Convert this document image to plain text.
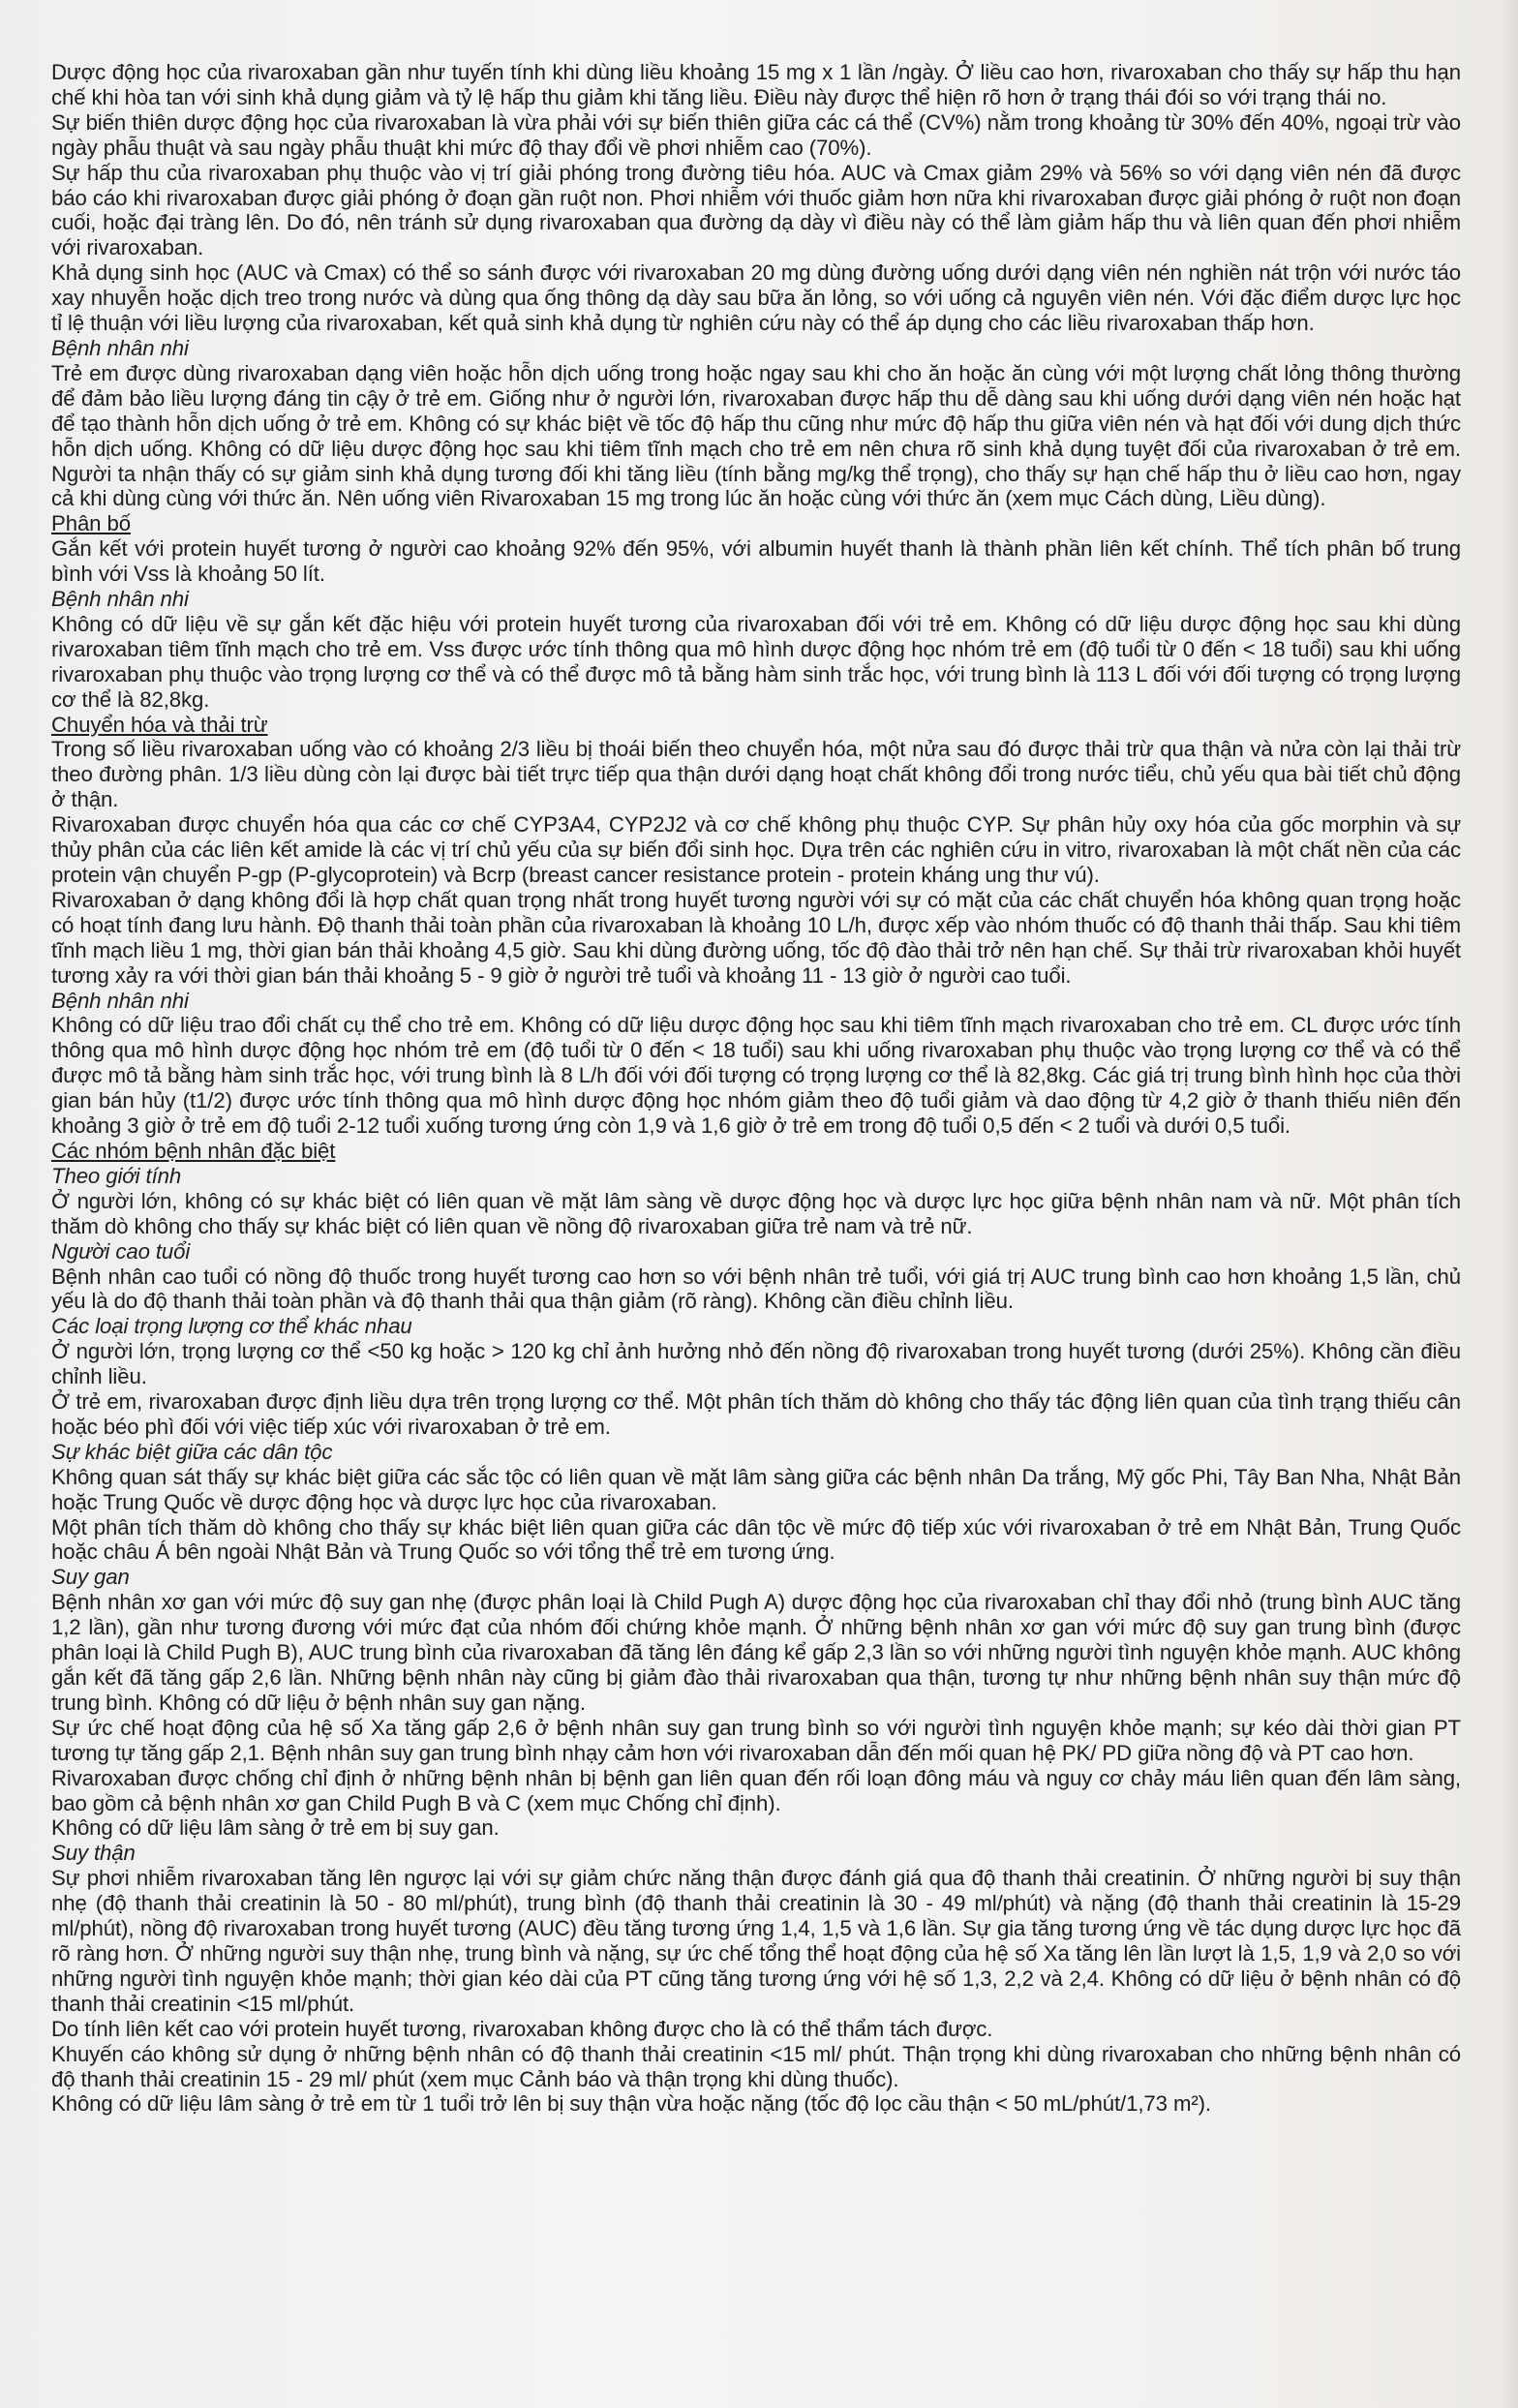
Dược động học của rivaroxaban gần như tuyến tính khi dùng liều khoảng 15 mg x 1 lần /ngày. Ở liều cao hơn, rivaroxaban cho thấy sự hấp thu hạn chế khi hòa tan với sinh khả dụng giảm và tỷ lệ hấp thu giảm khi tăng liều. Điều này được thể hiện rõ hơn ở trạng thái đói so với trạng thái no.

Sự biến thiên dược động học của rivaroxaban là vừa phải với sự biến thiên giữa các cá thể (CV%) nằm trong khoảng từ 30% đến 40%, ngoại trừ vào ngày phẫu thuật và sau ngày phẫu thuật khi mức độ thay đổi về phơi nhiễm cao (70%).

Sự hấp thu của rivaroxaban phụ thuộc vào vị trí giải phóng trong đường tiêu hóa. AUC và Cmax giảm 29% và 56% so với dạng viên nén đã được báo cáo khi rivaroxaban được giải phóng ở đoạn gần ruột non. Phơi nhiễm với thuốc giảm hơn nữa khi rivaroxaban được giải phóng ở ruột non đoạn cuối, hoặc đại tràng lên. Do đó, nên tránh sử dụng rivaroxaban qua đường dạ dày vì điều này có thể làm giảm hấp thu và liên quan đến phơi nhiễm với rivaroxaban.

Khả dụng sinh học (AUC và Cmax) có thể so sánh được với rivaroxaban 20 mg dùng đường uống dưới dạng viên nén nghiền nát trộn với nước táo xay nhuyễn hoặc dịch treo trong nước và dùng qua ống thông dạ dày sau bữa ăn lỏng, so với uống cả nguyên viên nén. Với đặc điểm dược lực học tỉ lệ thuận với liều lượng của rivaroxaban, kết quả sinh khả dụng từ nghiên cứu này có thể áp dụng cho các liều rivaroxaban thấp hơn.

Bệnh nhân nhi

Trẻ em được dùng rivaroxaban dạng viên hoặc hỗn dịch uống trong hoặc ngay sau khi cho ăn hoặc ăn cùng với một lượng chất lỏng thông thường để đảm bảo liều lượng đáng tin cậy ở trẻ em. Giống như ở người lớn, rivaroxaban được hấp thu dễ dàng sau khi uống dưới dạng viên nén hoặc hạt để tạo thành hỗn dịch uống ở trẻ em. Không có sự khác biệt về tốc độ hấp thu cũng như mức độ hấp thu giữa viên nén và hạt đối với dung dịch thức hỗn dịch uống. Không có dữ liệu dược động học sau khi tiêm tĩnh mạch cho trẻ em nên chưa rõ sinh khả dụng tuyệt đối của rivaroxaban ở trẻ em. Người ta nhận thấy có sự giảm sinh khả dụng tương đối khi tăng liều (tính bằng mg/kg thể trọng), cho thấy sự hạn chế hấp thu ở liều cao hơn, ngay cả khi dùng cùng với thức ăn. Nên uống viên Rivaroxaban 15 mg trong lúc ăn hoặc cùng với thức ăn (xem mục Cách dùng, Liều dùng).

Phân bố

Gắn kết với protein huyết tương ở người cao khoảng 92% đến 95%, với albumin huyết thanh là thành phần liên kết chính. Thể tích phân bố trung bình với Vss là khoảng 50 lít.

Bệnh nhân nhi

Không có dữ liệu về sự gắn kết đặc hiệu với protein huyết tương của rivaroxaban đối với trẻ em. Không có dữ liệu dược động học sau khi dùng rivaroxaban tiêm tĩnh mạch cho trẻ em. Vss được ước tính thông qua mô hình dược động học nhóm trẻ em (độ tuổi từ 0 đến < 18 tuổi) sau khi uống rivaroxaban phụ thuộc vào trọng lượng cơ thể và có thể được mô tả bằng hàm sinh trắc học, với trung bình là 113 L đối với đối tượng có trọng lượng cơ thể là 82,8kg.

Chuyển hóa và thải trừ

Trong số liều rivaroxaban uống vào có khoảng 2/3 liều bị thoái biến theo chuyển hóa, một nửa sau đó được thải trừ qua thận và nửa còn lại thải trừ theo đường phân. 1/3 liều dùng còn lại được bài tiết trực tiếp qua thận dưới dạng hoạt chất không đổi trong nước tiểu, chủ yếu qua bài tiết chủ động ở thận.

Rivaroxaban được chuyển hóa qua các cơ chế CYP3A4, CYP2J2 và cơ chế không phụ thuộc CYP. Sự phân hủy oxy hóa của gốc morphin và sự thủy phân của các liên kết amide là các vị trí chủ yếu của sự biến đổi sinh học. Dựa trên các nghiên cứu in vitro, rivaroxaban là một chất nền của các protein vận chuyển P-gp (P-glycoprotein) và Bcrp (breast cancer resistance protein - protein kháng ung thư vú).

Rivaroxaban ở dạng không đổi là hợp chất quan trọng nhất trong huyết tương người với sự có mặt của các chất chuyển hóa không quan trọng hoặc có hoạt tính đang lưu hành. Độ thanh thải toàn phần của rivaroxaban là khoảng 10 L/h, được xếp vào nhóm thuốc có độ thanh thải thấp. Sau khi tiêm tĩnh mạch liều 1 mg, thời gian bán thải khoảng 4,5 giờ. Sau khi dùng đường uống, tốc độ đào thải trở nên hạn chế. Sự thải trừ rivaroxaban khỏi huyết tương xảy ra với thời gian bán thải khoảng 5 - 9 giờ ở người trẻ tuổi và khoảng 11 - 13 giờ ở người cao tuổi.

Bệnh nhân nhi

Không có dữ liệu trao đổi chất cụ thể cho trẻ em. Không có dữ liệu dược động học sau khi tiêm tĩnh mạch rivaroxaban cho trẻ em. CL được ước tính thông qua mô hình dược động học nhóm trẻ em (độ tuổi từ 0 đến < 18 tuổi) sau khi uống rivaroxaban phụ thuộc vào trọng lượng cơ thể và có thể được mô tả bằng hàm sinh trắc học, với trung bình là 8 L/h đối với đối tượng có trọng lượng cơ thể là 82,8kg. Các giá trị trung bình hình học của thời gian bán hủy (t1/2) được ước tính thông qua mô hình dược động học nhóm giảm theo độ tuổi giảm và dao động từ 4,2 giờ ở thanh thiếu niên đến khoảng 3 giờ ở trẻ em độ tuổi 2-12 tuổi xuống tương ứng còn 1,9 và 1,6 giờ ở trẻ em trong độ tuổi 0,5 đến < 2 tuổi và dưới 0,5 tuổi.

Các nhóm bệnh nhân đặc biệt

Theo giới tính

Ở người lớn, không có sự khác biệt có liên quan về mặt lâm sàng về dược động học và dược lực học giữa bệnh nhân nam và nữ. Một phân tích thăm dò không cho thấy sự khác biệt có liên quan về nồng độ rivaroxaban giữa trẻ nam và trẻ nữ.

Người cao tuổi

Bệnh nhân cao tuổi có nồng độ thuốc trong huyết tương cao hơn so với bệnh nhân trẻ tuổi, với giá trị AUC trung bình cao hơn khoảng 1,5 lần, chủ yếu là do độ thanh thải toàn phần và độ thanh thải qua thận giảm (rõ ràng). Không cần điều chỉnh liều.

Các loại trọng lượng cơ thể khác nhau

Ở người lớn, trọng lượng cơ thể <50 kg hoặc > 120 kg chỉ ảnh hưởng nhỏ đến nồng độ rivaroxaban trong huyết tương (dưới 25%). Không cần điều chỉnh liều.

Ở trẻ em, rivaroxaban được định liều dựa trên trọng lượng cơ thể. Một phân tích thăm dò không cho thấy tác động liên quan của tình trạng thiếu cân hoặc béo phì đối với việc tiếp xúc với rivaroxaban ở trẻ em.

Sự khác biệt giữa các dân tộc

Không quan sát thấy sự khác biệt giữa các sắc tộc có liên quan về mặt lâm sàng giữa các bệnh nhân Da trắng, Mỹ gốc Phi, Tây Ban Nha, Nhật Bản hoặc Trung Quốc về dược động học và dược lực học của rivaroxaban.

Một phân tích thăm dò không cho thấy sự khác biệt liên quan giữa các dân tộc về mức độ tiếp xúc với rivaroxaban ở trẻ em Nhật Bản, Trung Quốc hoặc châu Á bên ngoài Nhật Bản và Trung Quốc so với tổng thể trẻ em tương ứng.

Suy gan

Bệnh nhân xơ gan với mức độ suy gan nhẹ (được phân loại là Child Pugh A) dược động học của rivaroxaban chỉ thay đổi nhỏ (trung bình AUC tăng 1,2 lần), gần như tương đương với mức đạt của nhóm đối chứng khỏe mạnh. Ở những bệnh nhân xơ gan với mức độ suy gan trung bình (được phân loại là Child Pugh B), AUC trung bình của rivaroxaban đã tăng lên đáng kể gấp 2,3 lần so với những người tình nguyện khỏe mạnh. AUC không gắn kết đã tăng gấp 2,6 lần. Những bệnh nhân này cũng bị giảm đào thải rivaroxaban qua thận, tương tự như những bệnh nhân suy thận mức độ trung bình. Không có dữ liệu ở bệnh nhân suy gan nặng.

Sự ức chế hoạt động của hệ số Xa tăng gấp 2,6 ở bệnh nhân suy gan trung bình so với người tình nguyện khỏe mạnh; sự kéo dài thời gian PT tương tự tăng gấp 2,1. Bệnh nhân suy gan trung bình nhạy cảm hơn với rivaroxaban dẫn đến mối quan hệ PK/ PD giữa nồng độ và PT cao hơn.

Rivaroxaban được chống chỉ định ở những bệnh nhân bị bệnh gan liên quan đến rối loạn đông máu và nguy cơ chảy máu liên quan đến lâm sàng, bao gồm cả bệnh nhân xơ gan Child Pugh B và C (xem mục Chống chỉ định).

Không có dữ liệu lâm sàng ở trẻ em bị suy gan.

Suy thận

Sự phơi nhiễm rivaroxaban tăng lên ngược lại với sự giảm chức năng thận được đánh giá qua độ thanh thải creatinin. Ở những người bị suy thận nhẹ (độ thanh thải creatinin là 50 - 80 ml/phút), trung bình (độ thanh thải creatinin là 30 - 49 ml/phút) và nặng (độ thanh thải creatinin là 15-29 ml/phút), nồng độ rivaroxaban trong huyết tương (AUC) đều tăng tương ứng 1,4, 1,5 và 1,6 lần. Sự gia tăng tương ứng về tác dụng dược lực học đã rõ ràng hơn. Ở những người suy thận nhẹ, trung bình và nặng, sự ức chế tổng thể hoạt động của hệ số Xa tăng lên lần lượt là 1,5, 1,9 và 2,0 so với những người tình nguyện khỏe mạnh; thời gian kéo dài của PT cũng tăng tương ứng với hệ số 1,3, 2,2 và 2,4. Không có dữ liệu ở bệnh nhân có độ thanh thải creatinin <15 ml/phút.

Do tính liên kết cao với protein huyết tương, rivaroxaban không được cho là có thể thẩm tách được.

Khuyến cáo không sử dụng ở những bệnh nhân có độ thanh thải creatinin <15 ml/ phút. Thận trọng khi dùng rivaroxaban cho những bệnh nhân có độ thanh thải creatinin 15 - 29 ml/ phút (xem mục Cảnh báo và thận trọng khi dùng thuốc).

Không có dữ liệu lâm sàng ở trẻ em từ 1 tuổi trở lên bị suy thận vừa hoặc nặng (tốc độ lọc cầu thận < 50 mL/phút/1,73 m²).
